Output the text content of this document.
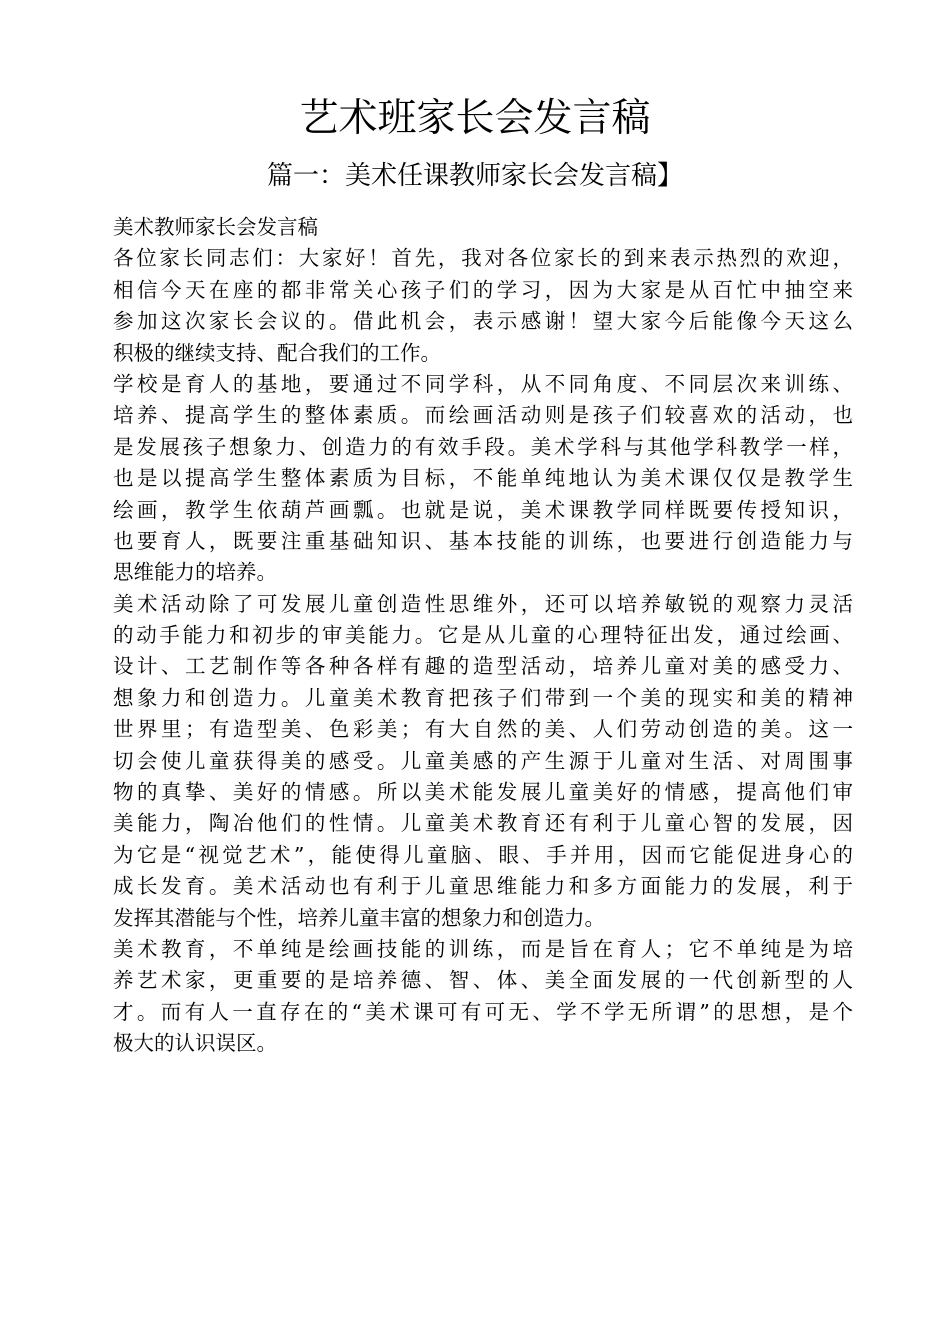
艺术班家长会发言稿
篇一：美术任课教师家长会发言稿】
美术教师家长会发言稿
各位家长同志们：大家好！首先，我对各位家长的到来表示热烈的欢迎，
相信今天在座的都非常关心孩子们的学习，因为大家是从百忙中抽空来
参加这次家长会议的。借此机会，表示感谢！望大家今后能像今天这么
积极的继续支持、配合我们的工作。
学校是育人的基地，要通过不同学科，从不同角度、不同层次来训练、
培养、提高学生的整体素质。而绘画活动则是孩子们较喜欢的活动，也
是发展孩子想象力、创造力的有效手段。美术学科与其他学科教学一样，
也是以提高学生整体素质为目标，不能单纯地认为美术课仅仅是教学生
绘画，教学生依葫芦画瓢。也就是说，美术课教学同样既要传授知识，
也要育人，既要注重基础知识、基本技能的训练，也要进行创造能力与
思维能力的培养。
美术活动除了可发展儿童创造性思维外，还可以培养敏锐的观察力灵活
的动手能力和初步的审美能力。它是从儿童的心理特征出发，通过绘画、
设计、工艺制作等各种各样有趣的造型活动，培养儿童对美的感受力、
想象力和创造力。儿童美术教育把孩子们带到一个美的现实和美的精神
世界里；有造型美、色彩美；有大自然的美、人们劳动创造的美。这一
切会使儿童获得美的感受。儿童美感的产生源于儿童对生活、对周围事
物的真挚、美好的情感。所以美术能发展儿童美好的情感，提高他们审
美能力，陶冶他们的性情。儿童美术教育还有利于儿童心智的发展，因
为它是“视觉艺术”，能使得儿童脑、眼、手并用，因而它能促进身心的
成长发育。美术活动也有利于儿童思维能力和多方面能力的发展，利于
发挥其潜能与个性，培养儿童丰富的想象力和创造力。
美术教育，不单纯是绘画技能的训练，而是旨在育人；它不单纯是为培
养艺术家，更重要的是培养德、智、体、美全面发展的一代创新型的人
才。而有人一直存在的“美术课可有可无、学不学无所谓”的思想，是个
极大的认识误区。
